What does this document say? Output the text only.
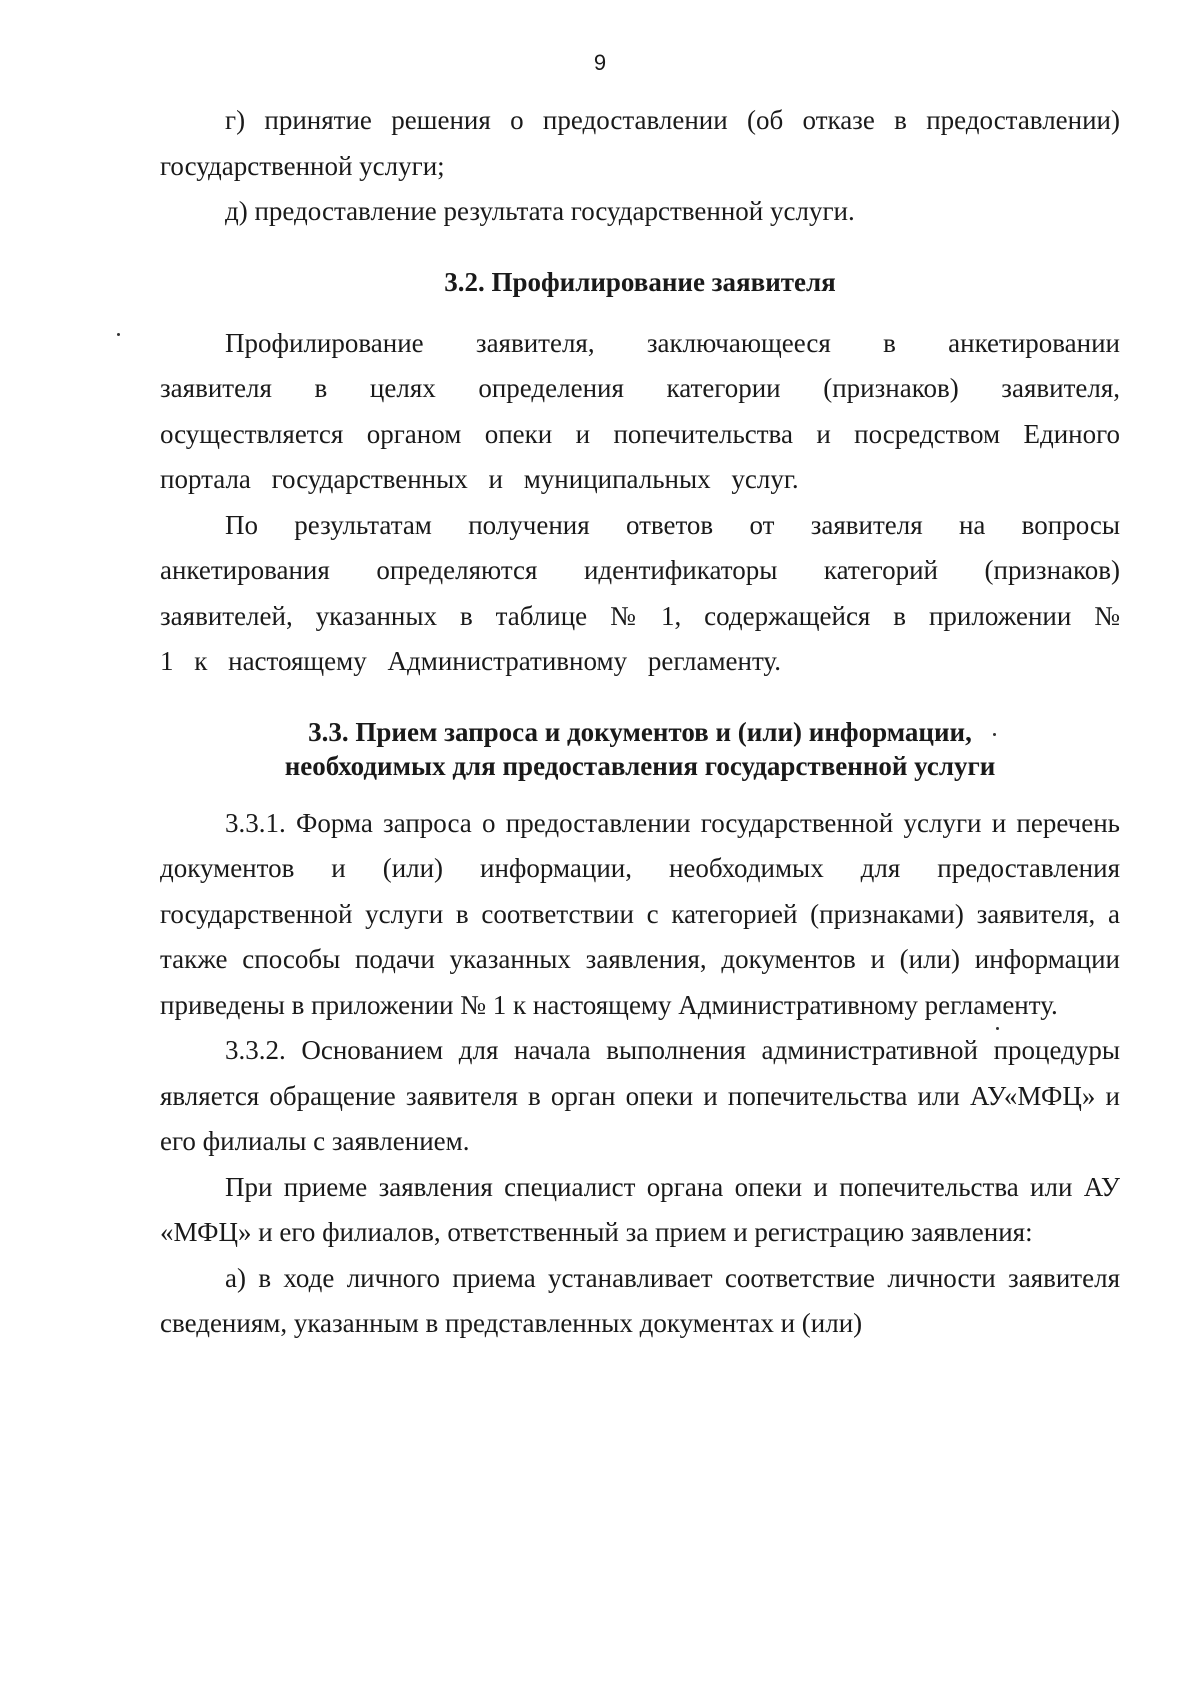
9

г) принятие решения о предоставлении (об отказе в предоставлении) государственной услуги;

д) предоставление результата государственной услуги.

3.2. Профилирование заявителя

Профилирование заявителя, заключающееся в анкетировании заявителя в целях определения категории (признаков) заявителя, осуществляется органом опеки и попечительства и посредством Единого портала государственных и муниципальных услуг.

По результатам получения ответов от заявителя на вопросы анкетирования определяются идентификаторы категорий (признаков) заявителей, указанных в таблице № 1, содержащейся в приложении № 1 к настоящему Административному регламенту.

3.3. Прием запроса и документов и (или) информации,
необходимых для предоставления государственной услуги

3.3.1. Форма запроса о предоставлении государственной услуги и перечень документов и (или) информации, необходимых для предоставления государственной услуги в соответствии с категорией (признаками) заявителя, а также способы подачи указанных заявления, документов и (или) информации приведены в приложении № 1 к настоящему Административному регламенту.

3.3.2. Основанием для начала выполнения административной процедуры является обращение заявителя в орган опеки и попечительства или АУ«МФЦ» и его филиалы с заявлением.

При приеме заявления специалист органа опеки и попечительства или АУ «МФЦ» и его филиалов, ответственный за прием и регистрацию заявления:

а) в ходе личного приема устанавливает соответствие личности заявителя сведениям, указанным в представленных документах и (или)
